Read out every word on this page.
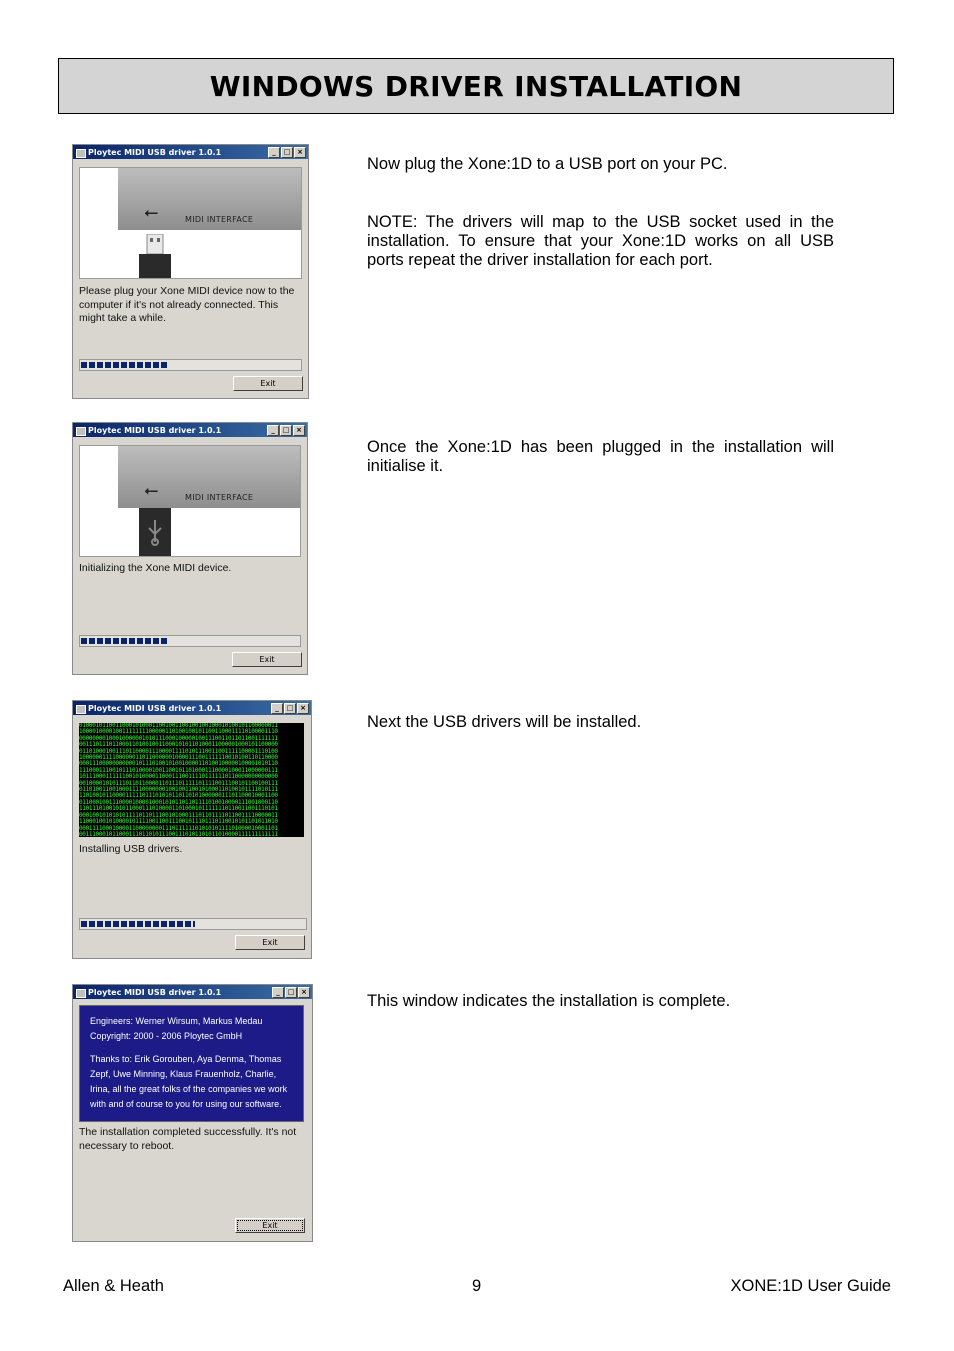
WINDOWS DRIVER INSTALLATION
Ploytec MIDI USB driver 1.0.1	_	□ ×
⭠	MIDI INTERFACE
Please plug your Xone MIDI device now to the computer if it's not already connected. This might take a while.
Exit
Ploytec MIDI USB driver 1.0.1	_	□ ×
⭠	MIDI INTERFACE
Initializing the Xone MIDI device.
Exit
Ploytec MIDI USB driver 1.0.1	_	□ ×
010001011001100010100011001001100100100100010100101100000011
100001000010011111111000001101001001011001100011110100001110
000000001000100000010101110001000001001110011011011001111111
001110111011000110100100110001010110100011000001000101100000
011010001001110110000111000011110101110011001111100001110100
100000011110000001101100000010000111001111110010100110110000
000111000000000001011101001010010000110100100000100001010110
111000111001011101000010011001011010001110000100011000000111
101110001111110010100001100011100111101111110110000000000000
001000010101110110110000110111011111011110011100101100100111
011010011001000111100000001001001100101000110100101111010111
110100101100001111101110101011011010100000011101100010001100
011000100111000010000100010101101101111010010000111001000110
110111010010101100011101000011010001011111110110011001110101
000100101010101111011011100101000111011011110110011110000011
110001001010000101111001100111001011101110110010101101011010
000111100010000110000000011101111110101010111101000010001101
001110001011000111011010111001110101101011010000111111111111
Installing USB drivers.
Exit
Ploytec MIDI USB driver 1.0.1	_	□ ×

Engineers: Werner Wirsum, Markus Medau
Copyright: 2000 - 2006 Ploytec GmbH

Thanks to: Erik Gorouben, Aya Denma, Thomas Zepf, Uwe Minning, Klaus Frauenholz, Charlie, Irina, all the great folks of the companies we work with and of course to you for using our software.

The installation completed successfully. It's not necessary to reboot.
Exit

Now plug the Xone:1D to a USB port on your PC.

NOTE: The drivers will map to the USB socket used in the installation. To ensure that your Xone:1D works on all USB ports repeat the driver installation for each port.

Once the Xone:1D has been plugged in the installation will initialise it.

Next the USB drivers will be installed.

This window indicates the installation is complete.

Allen & Heath	9	XONE:1D User Guide
